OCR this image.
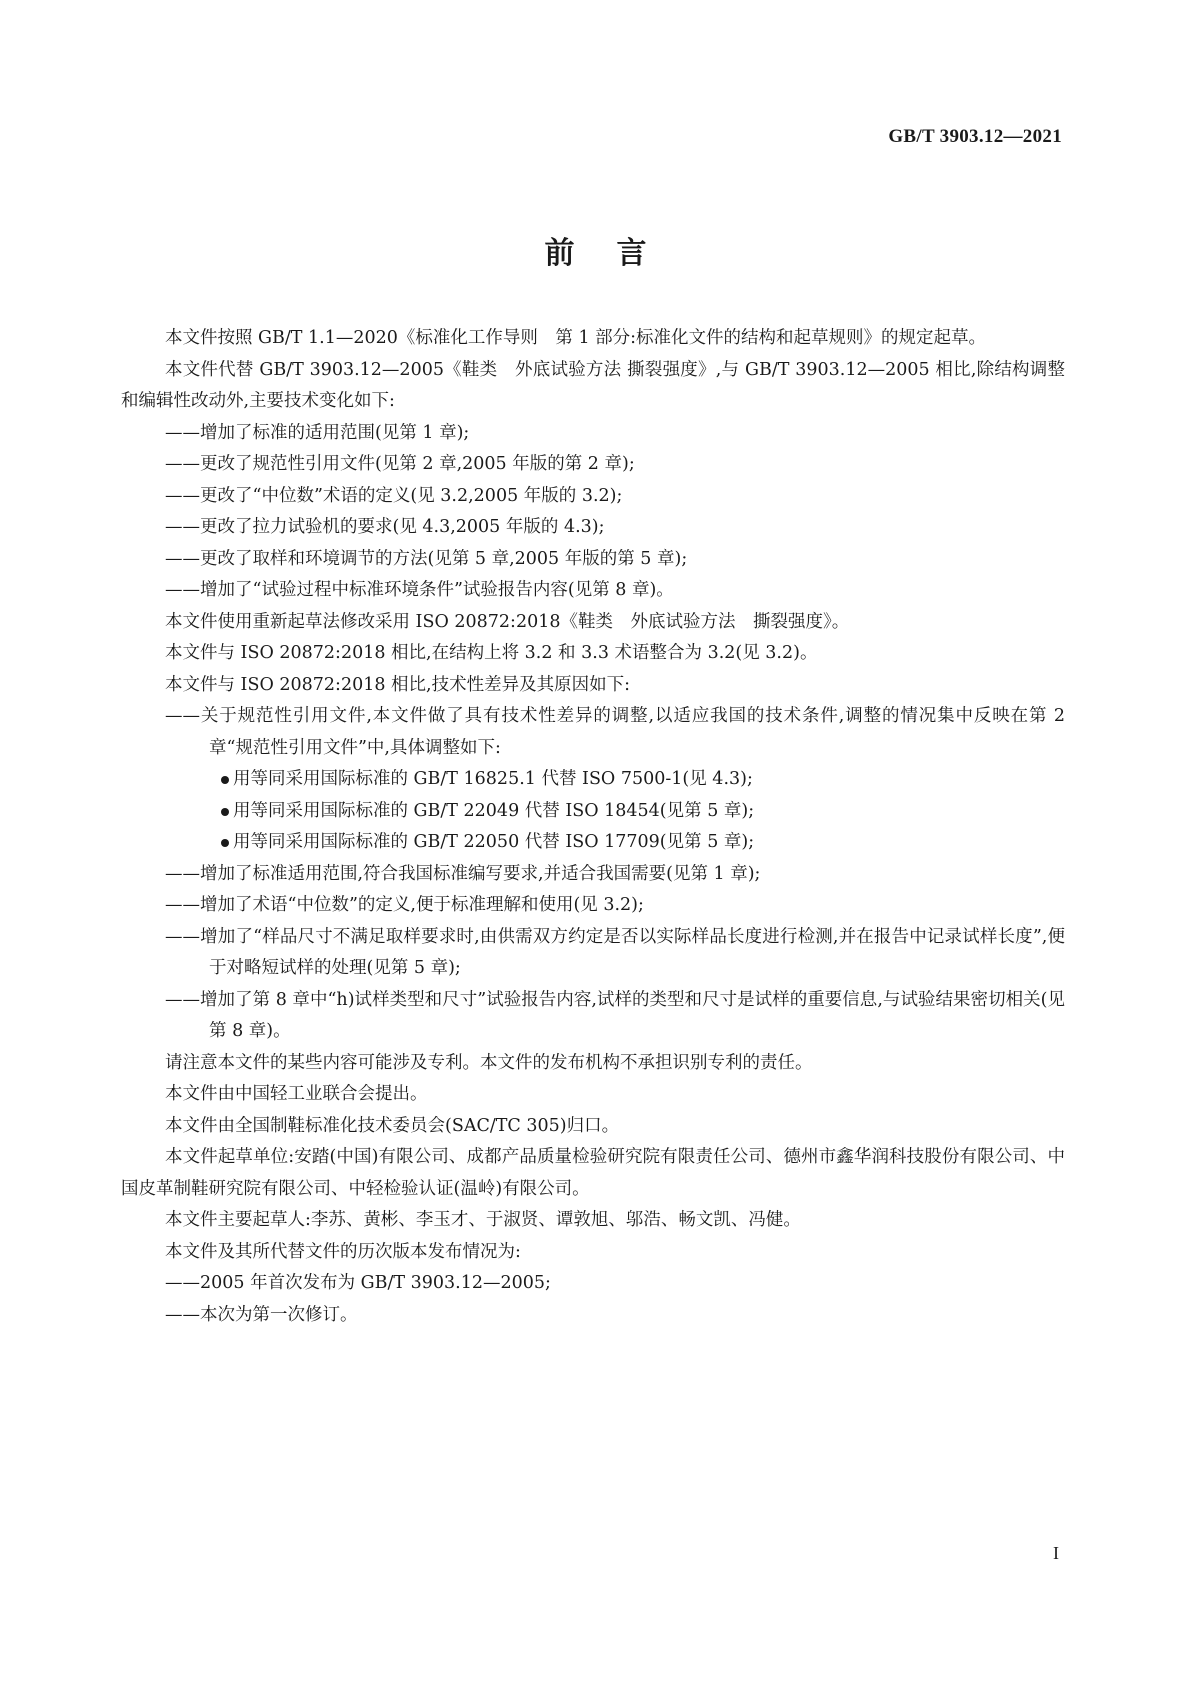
GB/T 3903.12—2021
前言

本文件按照 GB/T 1.1—2020《标准化工作导则　第 1 部分:标准化文件的结构和起草规则》的规定起草。

本文件代替 GB/T 3903.12—2005《鞋类　外底试验方法 撕裂强度》,与 GB/T 3903.12—2005 相比,除结构调整和编辑性改动外,主要技术变化如下:

——增加了标准的适用范围(见第 1 章);

——更改了规范性引用文件(见第 2 章,2005 年版的第 2 章);

——更改了“中位数”术语的定义(见 3.2,2005 年版的 3.2);

——更改了拉力试验机的要求(见 4.3,2005 年版的 4.3);

——更改了取样和环境调节的方法(见第 5 章,2005 年版的第 5 章);

——增加了“试验过程中标准环境条件”试验报告内容(见第 8 章)。

本文件使用重新起草法修改采用 ISO 20872:2018《鞋类　外底试验方法　撕裂强度》。

本文件与 ISO 20872:2018 相比,在结构上将 3.2 和 3.3 术语整合为 3.2(见 3.2)。

本文件与 ISO 20872:2018 相比,技术性差异及其原因如下:

——关于规范性引用文件,本文件做了具有技术性差异的调整,以适应我国的技术条件,调整的情况集中反映在第 2 章“规范性引用文件”中,具体调整如下:

用等同采用国际标准的 GB/T 16825.1 代替 ISO 7500-1(见 4.3);

用等同采用国际标准的 GB/T 22049 代替 ISO 18454(见第 5 章);

用等同采用国际标准的 GB/T 22050 代替 ISO 17709(见第 5 章);

——增加了标准适用范围,符合我国标准编写要求,并适合我国需要(见第 1 章);

——增加了术语“中位数”的定义,便于标准理解和使用(见 3.2);

——增加了“样品尺寸不满足取样要求时,由供需双方约定是否以实际样品长度进行检测,并在报告中记录试样长度”,便于对略短试样的处理(见第 5 章);

——增加了第 8 章中“h)试样类型和尺寸”试验报告内容,试样的类型和尺寸是试样的重要信息,与试验结果密切相关(见第 8 章)。

请注意本文件的某些内容可能涉及专利。本文件的发布机构不承担识别专利的责任。

本文件由中国轻工业联合会提出。

本文件由全国制鞋标准化技术委员会(SAC/TC 305)归口。

本文件起草单位:安踏(中国)有限公司、成都产品质量检验研究院有限责任公司、德州市鑫华润科技股份有限公司、中国皮革制鞋研究院有限公司、中轻检验认证(温岭)有限公司。

本文件主要起草人:李苏、黄彬、李玉才、于淑贤、谭敦旭、邬浩、畅文凯、冯健。

本文件及其所代替文件的历次版本发布情况为:

——2005 年首次发布为 GB/T 3903.12—2005;

——本次为第一次修订。

I
